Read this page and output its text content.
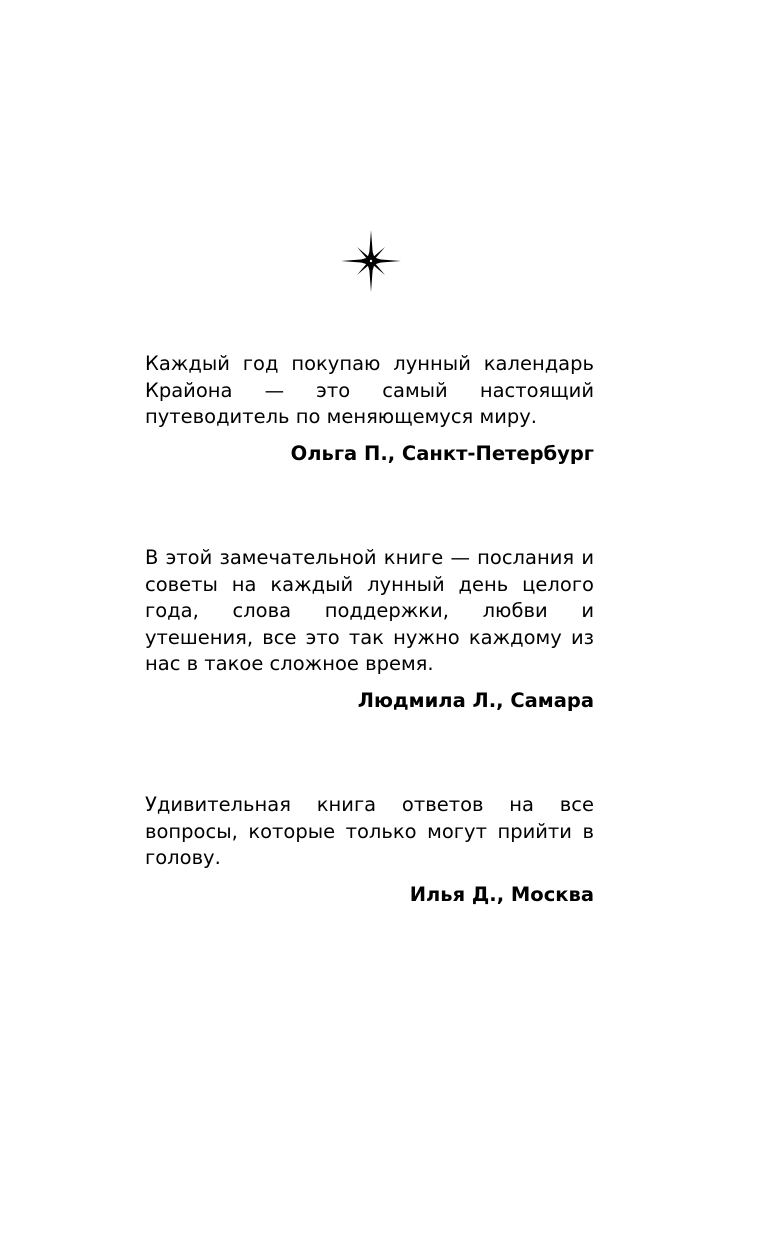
Каждый год покупаю лунный календарь Крайона — это самый настоящий путеводитель по меняющемуся миру.

Ольга П., Санкт-Петербург

В этой замечательной книге — послания и советы на каждый лунный день целого года, слова поддержки, любви и утешения, все это так нужно каждому из нас в такое сложное время.

Людмила Л., Самара

Удивительная книга ответов на все вопросы, которые только могут прийти в голову.

Илья Д., Москва
